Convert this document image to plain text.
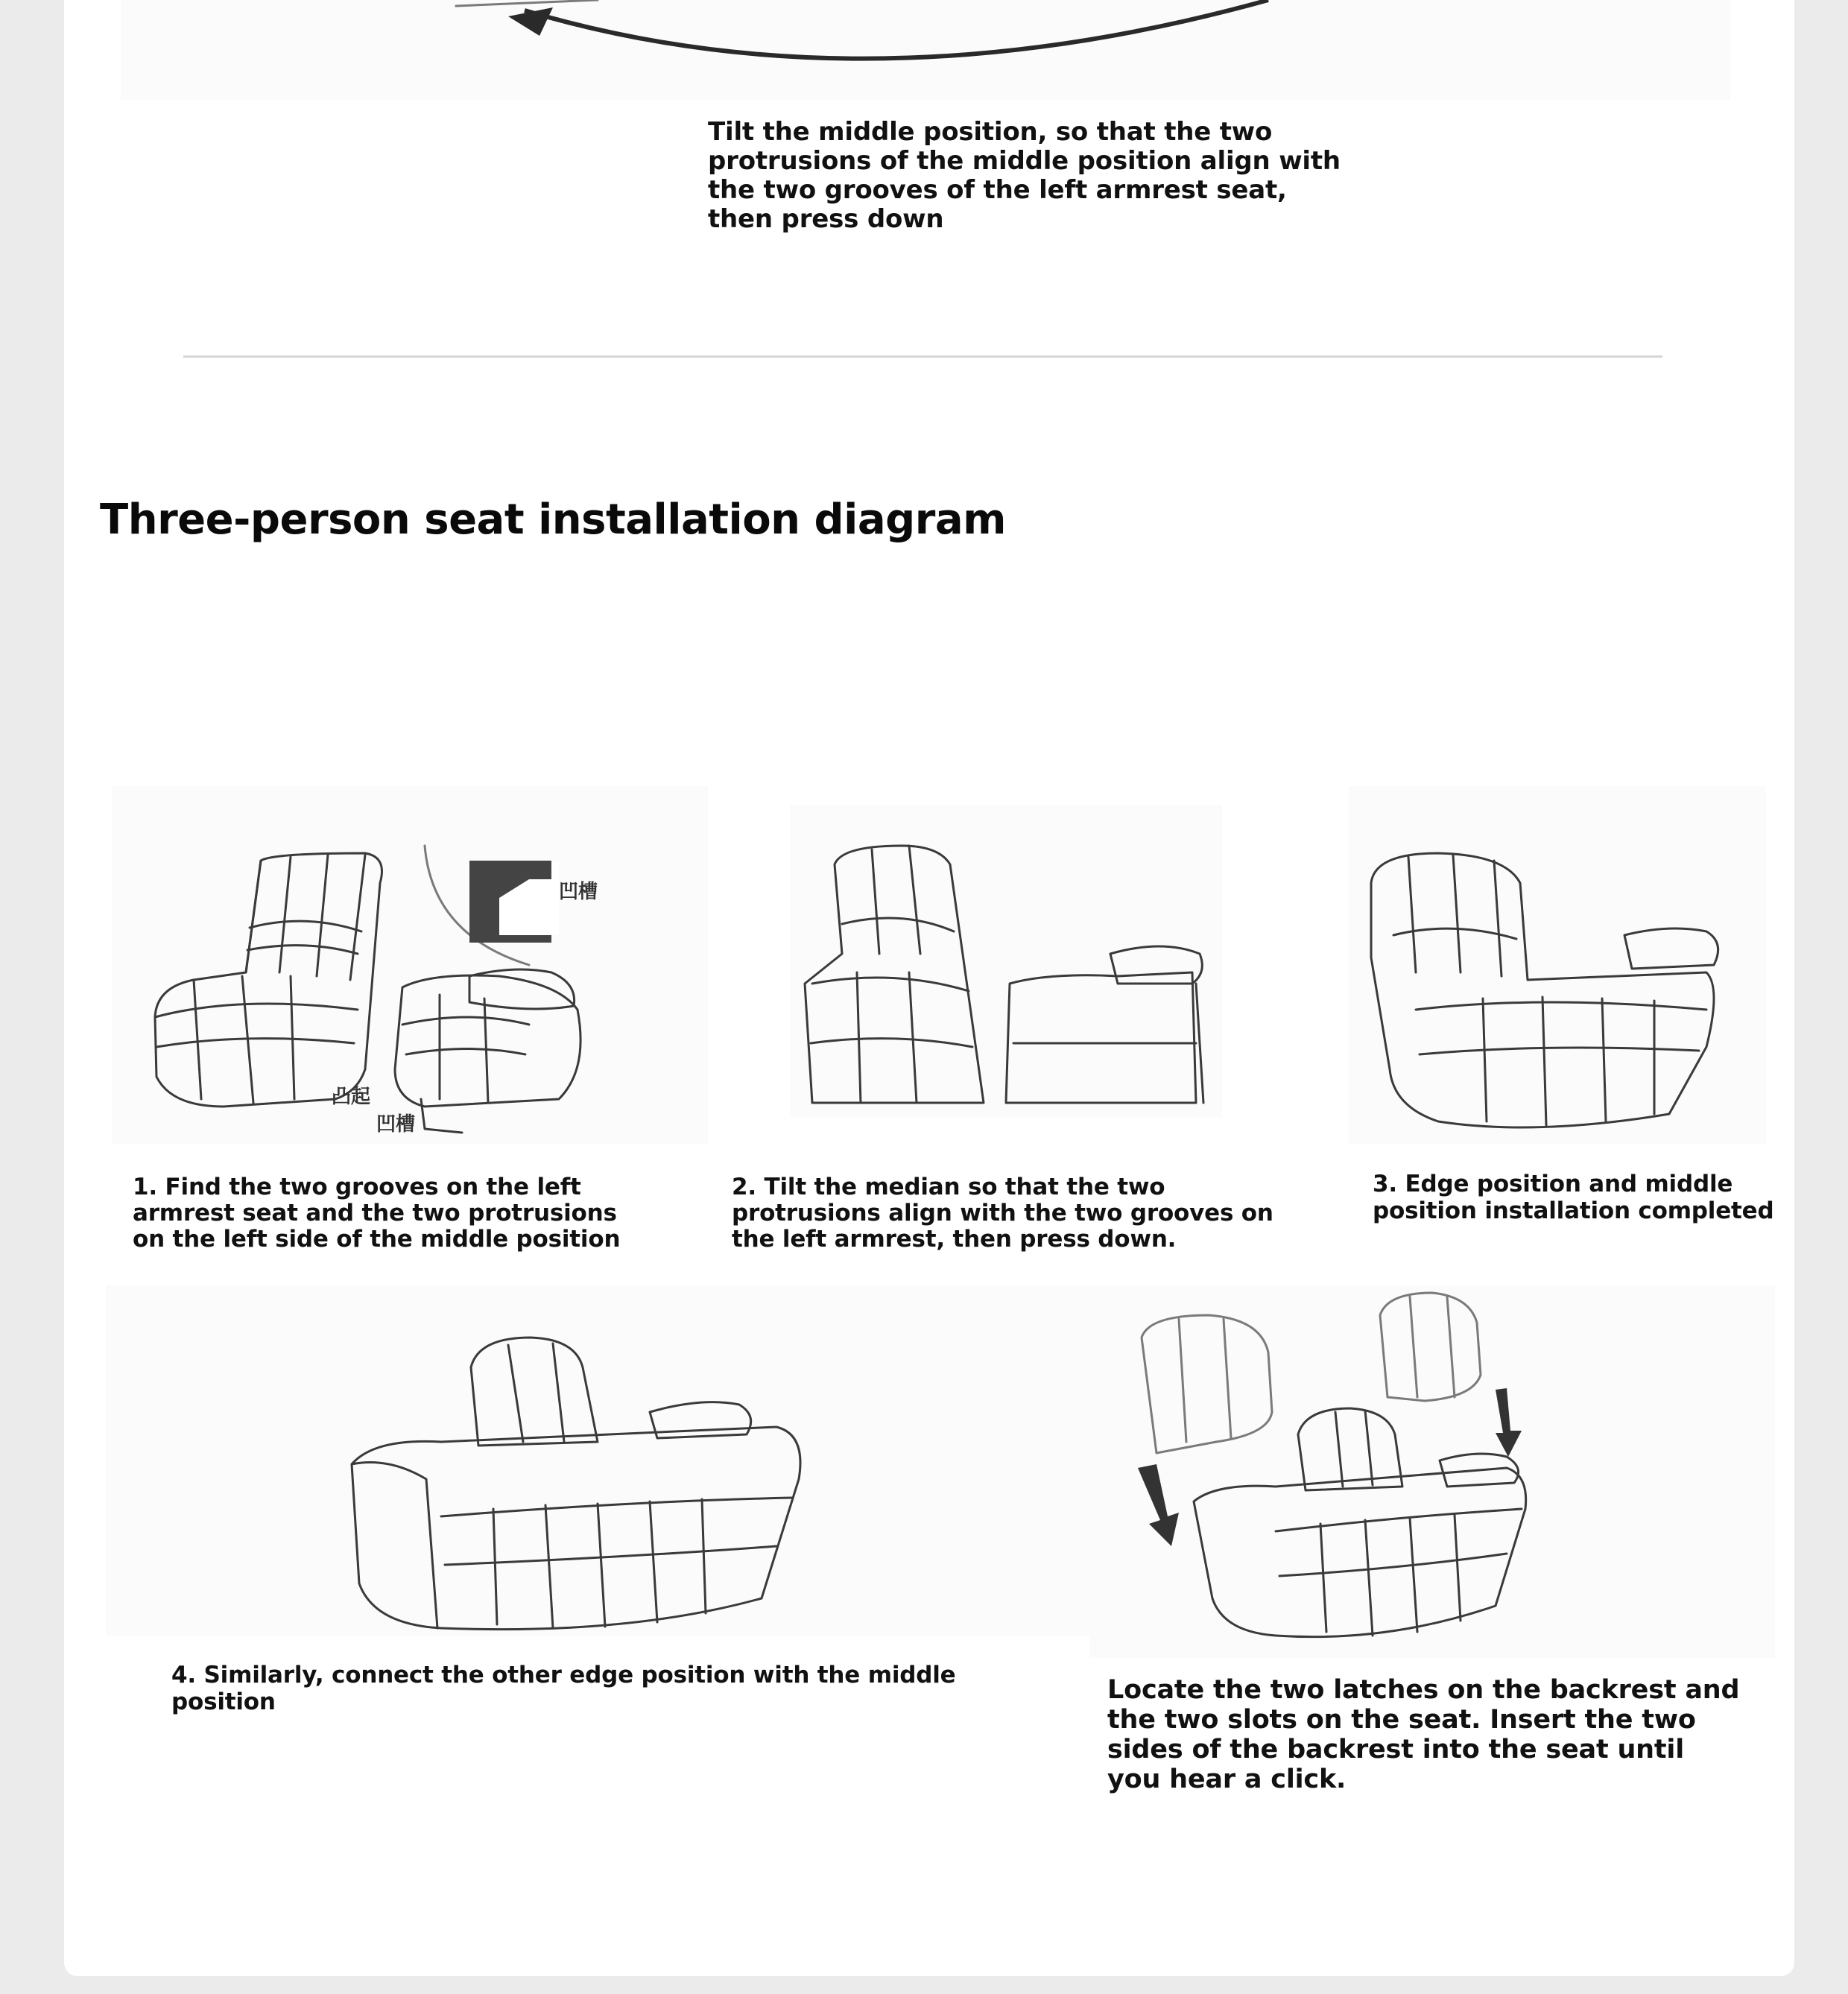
Tilt the middle position, so that the two protrusions of the middle position align with the two grooves of the left armrest seat, then press down

Three-person seat installation diagram
凹槽
凸起
凹槽

1. Find the two grooves on the left armrest seat and the two protrusions on the left side of the middle position

2. Tilt the median so that the two protrusions align with the two grooves on the left armrest, then press down.

3. Edge position and middle position installation completed

4. Similarly, connect the other edge position with the middle position	Locate the two latches on the backrest and the two slots on the seat. Insert the two sides of the backrest into the seat until you hear a click.
